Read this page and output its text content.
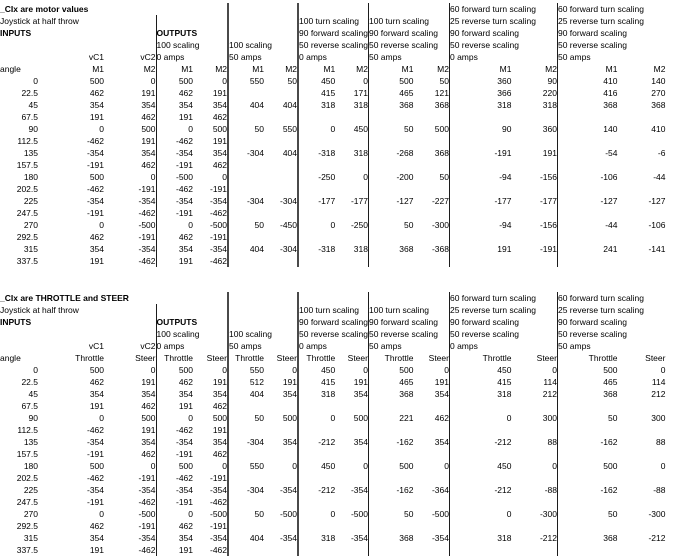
_CIx are motor values											60 forward turn scaling		60 forward turn scaling	
Joystick at half throw							100 turn scaling		100 turn scaling		25 reverse turn scaling		25 reverse turn scaling	
INPUTS			OUTPUTS				90 forward scaling		90 forward scaling		90 forward scaling		90 forward scaling	
			100 scaling		100 scaling		50 reverse scaling		50 reverse scaling		50 reverse scaling		50 reverse scaling	
	vC1	vC2	0 amps		50 amps		0 amps		50 amps		0 amps		50 amps	
angle	M1	M2	M1	M2	M1	M2	M1	M2	M1	M2	M1	M2	M1	M2
0	500	0	500	0	550	50	450	0	500	50	360	90	410	140
22.5	462	191	462	191			415	171	465	121	366	220	416	270
45	354	354	354	354	404	404	318	318	368	368	318	318	368	368
67.5	191	462	191	462										
90	0	500	0	500	50	550	0	450	50	500	90	360	140	410
112.5	-462	191	-462	191										
135	-354	354	-354	354	-304	404	-318	318	-268	368	-191	191	-54	-6
157.5	-191	462	-191	462										
180	500	0	-500	0			-250	0	-200	50	-94	-156	-106	-44
202.5	-462	-191	-462	-191										
225	-354	-354	-354	-354	-304	-304	-177	-177	-127	-227	-177	-177	-127	-127
247.5	-191	-462	-191	-462										
270	0	-500	0	-500	50	-450	0	-250	50	-300	-94	-156	-44	-106
292.5	462	-191	462	-191										
315	354	-354	354	-354	404	-304	-318	318	368	-368	191	-191	241	-141
337.5	191	-462	191	-462										
_CIx are THROTTLE and STEER											60 forward turn scaling		60 forward turn scaling	
Joystick at half throw							100 turn scaling		100 turn scaling		25 reverse turn scaling		25 reverse turn scaling	
INPUTS			OUTPUTS				90 forward scaling		90 forward scaling		90 forward scaling		90 forward scaling	
			100 scaling		100 scaling		50 reverse scaling		50 reverse scaling		50 reverse scaling		50 reverse scaling	
	vC1	vC2	0 amps		50 amps		0 amps		50 amps		0 amps		50 amps	
angle	Throttle	Steer	Throttle	Steer	Throttle	Steer	Throttle	Steer	Throttle	Steer	Throttle	Steer	Throttle	Steer
0	500	0	500	0	550	0	450	0	500	0	450	0	500	0
22.5	462	191	462	191	512	191	415	191	465	191	415	114	465	114
45	354	354	354	354	404	354	318	354	368	354	318	212	368	212
67.5	191	462	191	462										
90	0	500	0	500	50	500	0	500	221	462	0	300	50	300
112.5	-462	191	-462	191										
135	-354	354	-354	354	-304	354	-212	354	-162	354	-212	88	-162	88
157.5	-191	462	-191	462										
180	500	0	500	0	550	0	450	0	500	0	450	0	500	0
202.5	-462	-191	-462	-191										
225	-354	-354	-354	-354	-304	-354	-212	-354	-162	-364	-212	-88	-162	-88
247.5	-191	-462	-191	-462										
270	0	-500	0	-500	50	-500	0	-500	50	-500	0	-300	50	-300
292.5	462	-191	462	-191										
315	354	-354	354	-354	404	-354	318	-354	368	-354	318	-212	368	-212
337.5	191	-462	191	-462										
